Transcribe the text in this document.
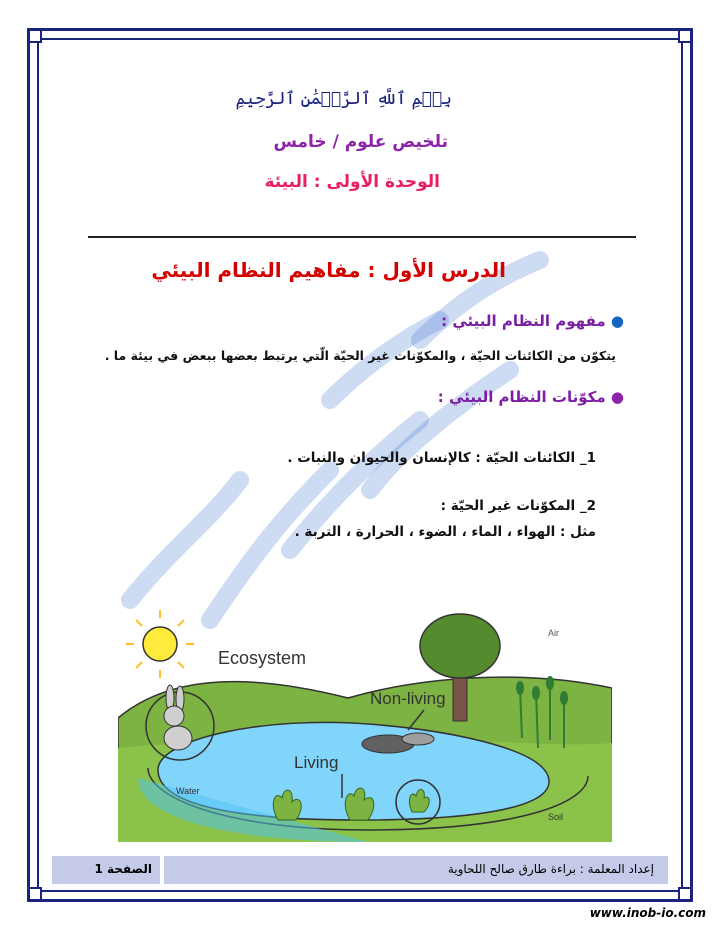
بِسۡمِ ٱللَّهِ ٱلرَّحۡمَٰنِ ٱلرَّحِيمِ
تلخيص علوم / خامس
الوحدة الأولى : البيئة
الدرس الأول : مفاهيم النظام البيئي
● مفهوم النظام البيئي :
يتكوّن من الكائنات الحيّة ، والمكوّنات غير الحيّة الّتي يرتبط بعضها ببعض في بيئة ما .
● مكوّنات النظام البيئي :
1_ الكائنات الحيّة : كالإنسان والحيوان والنبات .
2_ المكوّنات غير الحيّة :
مثل : الهواء ، الماء ، الضوء ، الحرارة ، التربة .
Ecosystem
Air
Non-living
Living
Water
Soil
الصفحة 1	إعداد المعلمة : براءة طارق صالح اللحاوية
www.inob-io.com
